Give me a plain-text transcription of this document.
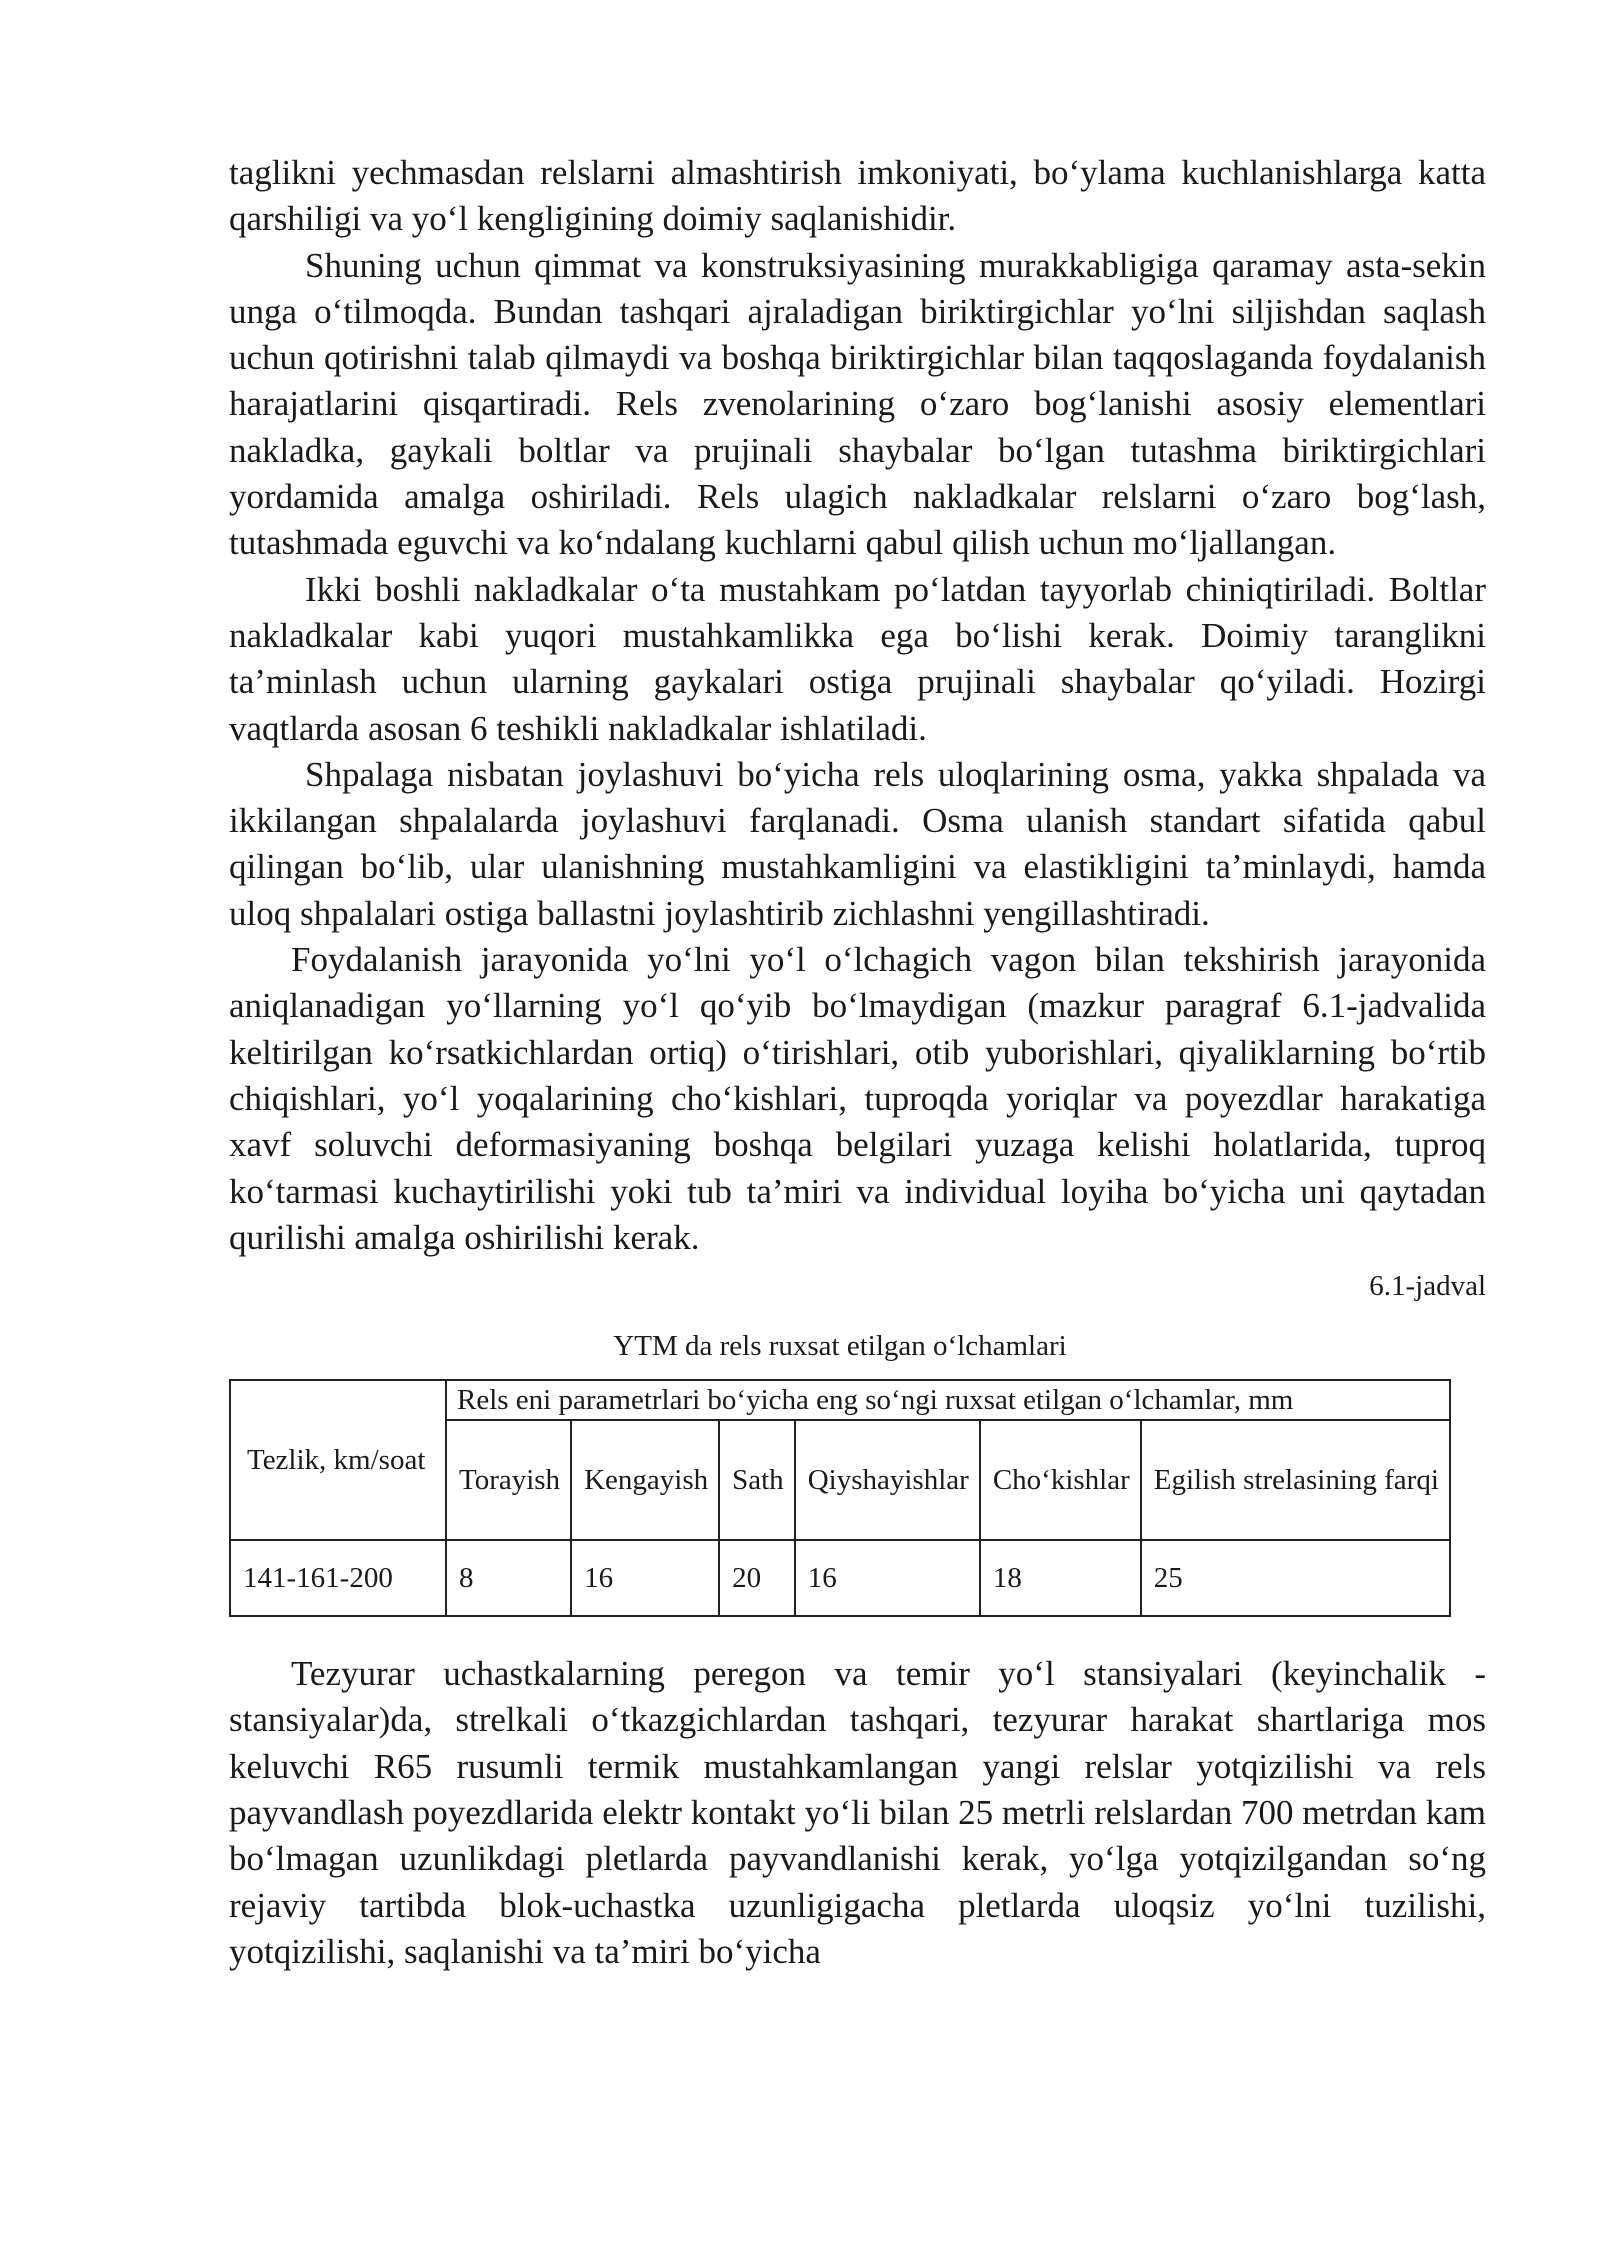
taglikni yechmasdan relslarni almashtirish imkoniyati, bo‘ylama kuchlanishlarga katta qarshiligi va yo‘l kengligining doimiy saqlanishidir.

Shuning uchun qimmat va konstruksiyasining murakkabligiga qaramay asta-sekin unga o‘tilmoqda. Bundan tashqari ajraladigan biriktirgichlar yo‘lni siljishdan saqlash uchun qotirishni talab qilmaydi va boshqa biriktirgichlar bilan taqqoslaganda foydalanish harajatlarini qisqartiradi. Rels zvenolarining o‘zaro bog‘lanishi asosiy elementlari nakladka, gaykali boltlar va prujinali shaybalar bo‘lgan tutashma biriktirgichlari yordamida amalga oshiriladi. Rels ulagich nakladkalar relslarni o‘zaro bog‘lash, tutashmada eguvchi va ko‘ndalang kuchlarni qabul qilish uchun mo‘ljallangan.

Ikki boshli nakladkalar o‘ta mustahkam po‘latdan tayyorlab chiniqtiriladi. Boltlar nakladkalar kabi yuqori mustahkamlikka ega bo‘lishi kerak. Doimiy taranglikni ta’minlash uchun ularning gaykalari ostiga prujinali shaybalar qo‘yiladi. Hozirgi vaqtlarda asosan 6 teshikli nakladkalar ishlatiladi.

Shpalaga nisbatan joylashuvi bo‘yicha rels uloqlarining osma, yakka shpalada va ikkilangan shpalalarda joylashuvi farqlanadi. Osma ulanish standart sifatida qabul qilingan bo‘lib, ular ulanishning mustahkamligini va elastikligini ta’minlaydi, hamda uloq shpalalari ostiga ballastni joylashtirib zichlashni yengillashtiradi.

Foydalanish jarayonida yo‘lni yo‘l o‘lchagich vagon bilan tekshirish jarayonida aniqlanadigan yo‘llarning yo‘l qo‘yib bo‘lmaydigan (mazkur paragraf 6.1-jadvalida keltirilgan ko‘rsatkichlardan ortiq) o‘tirishlari, otib yuborishlari, qiyaliklarning bo‘rtib chiqishlari, yo‘l yoqalarining cho‘kishlari, tuproqda yoriqlar va poyezdlar harakatiga xavf soluvchi deformasiyaning boshqa belgilari yuzaga kelishi holatlarida, tuproq ko‘tarmasi kuchaytirilishi yoki tub ta’miri va individual loyiha bo‘yicha uni qaytadan qurilishi amalga oshirilishi kerak.

6.1-jadval

YTM da rels ruxsat etilgan o‘lchamlari

Tezlik, km/soat	Rels eni parametrlari bo‘yicha eng so‘ngi ruxsat etilgan o‘lchamlar, mm					
	Torayish	Kengayish	Sath	Qiyshayishlar	Cho‘kishlar	Egilish strelasining farqi
141-161-200	8	16	20	16	18	25

Tezyurar uchastkalarning peregon va temir yo‘l stansiyalari (keyinchalik - stansiyalar)da, strelkali o‘tkazgichlardan tashqari, tezyurar harakat shartlariga mos keluvchi R65 rusumli termik mustahkamlangan yangi relslar yotqizilishi va rels payvandlash poyezdlarida elektr kontakt yo‘li bilan 25 metrli relslardan 700 metrdan kam bo‘lmagan uzunlikdagi pletlarda payvandlanishi kerak, yo‘lga yotqizilgandan so‘ng rejaviy tartibda blok-uchastka uzunligigacha pletlarda uloqsiz yo‘lni tuzilishi, yotqizilishi, saqlanishi va ta’miri bo‘yicha
